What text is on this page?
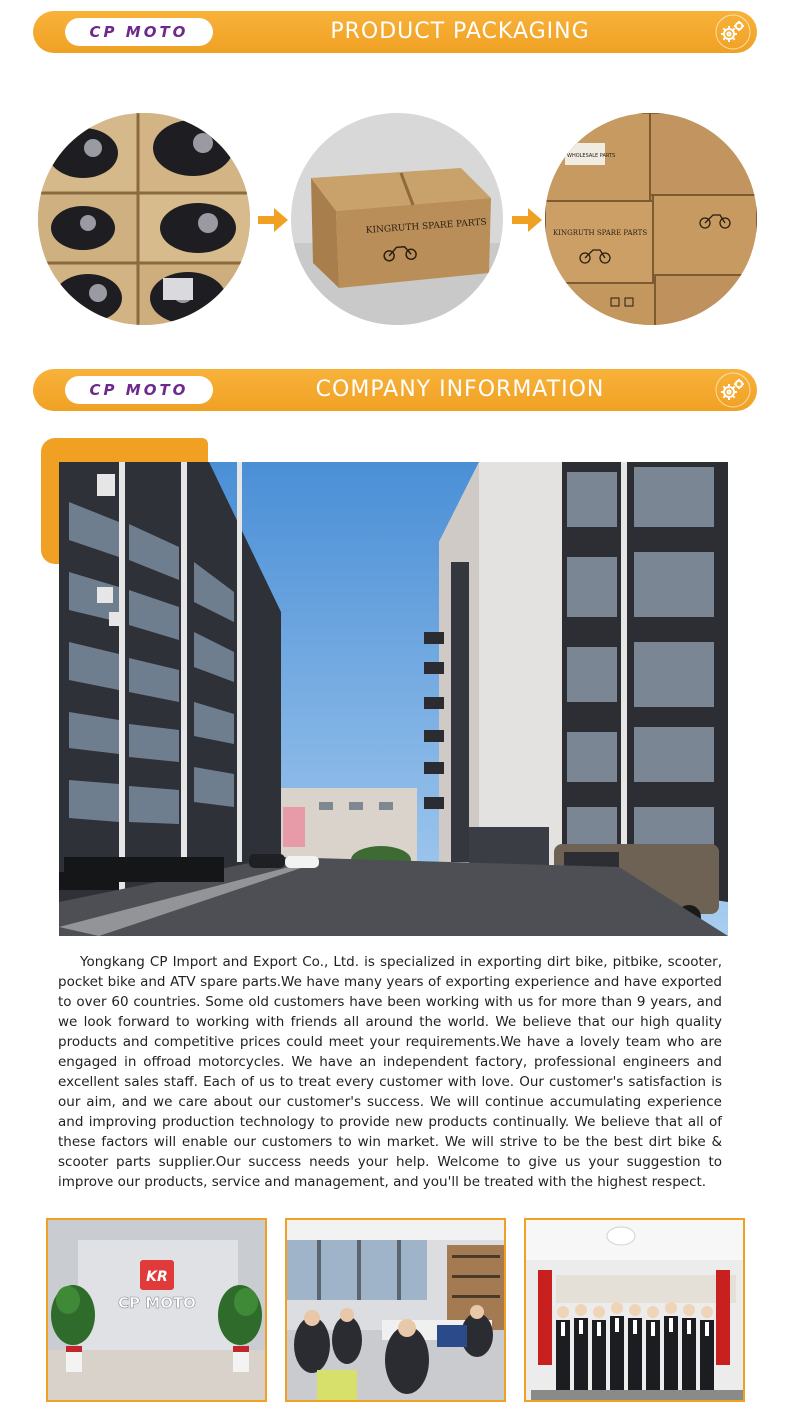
CP MOTO	PRODUCT PACKAGING
KINGRUTH SPARE PARTS
WHOLESALE PARTS
KINGRUTH SPARE PARTS
CP MOTO	COMPANY INFORMATION

Yongkang CP Import and Export Co., Ltd. is specialized in exporting dirt bike, pitbike, scooter, pocket bike and ATV spare parts.We have many years of exporting experience and have exported to over 60 countries. Some old customers have been working with us for more than 9 years, and we look forward to working with friends all around the world. We believe that our high quality products and competitive prices could meet your requirements.We have a lovely team who are engaged in offroad motorcycles. We have an independent factory, professional engineers and excellent sales staff. Each of us to treat every customer with love. Our customer's satisfaction is our aim, and we care about our customer's success. We will continue accumulating experience and improving production technology to provide new products continually. We believe that all of these factors will enable our customers to win market. We will strive to be the best dirt bike & scooter parts supplier.Our success needs your help. Welcome to give us your suggestion to improve our products, service and management, and you'll be treated with the highest respect.

KR
CP MOTO
